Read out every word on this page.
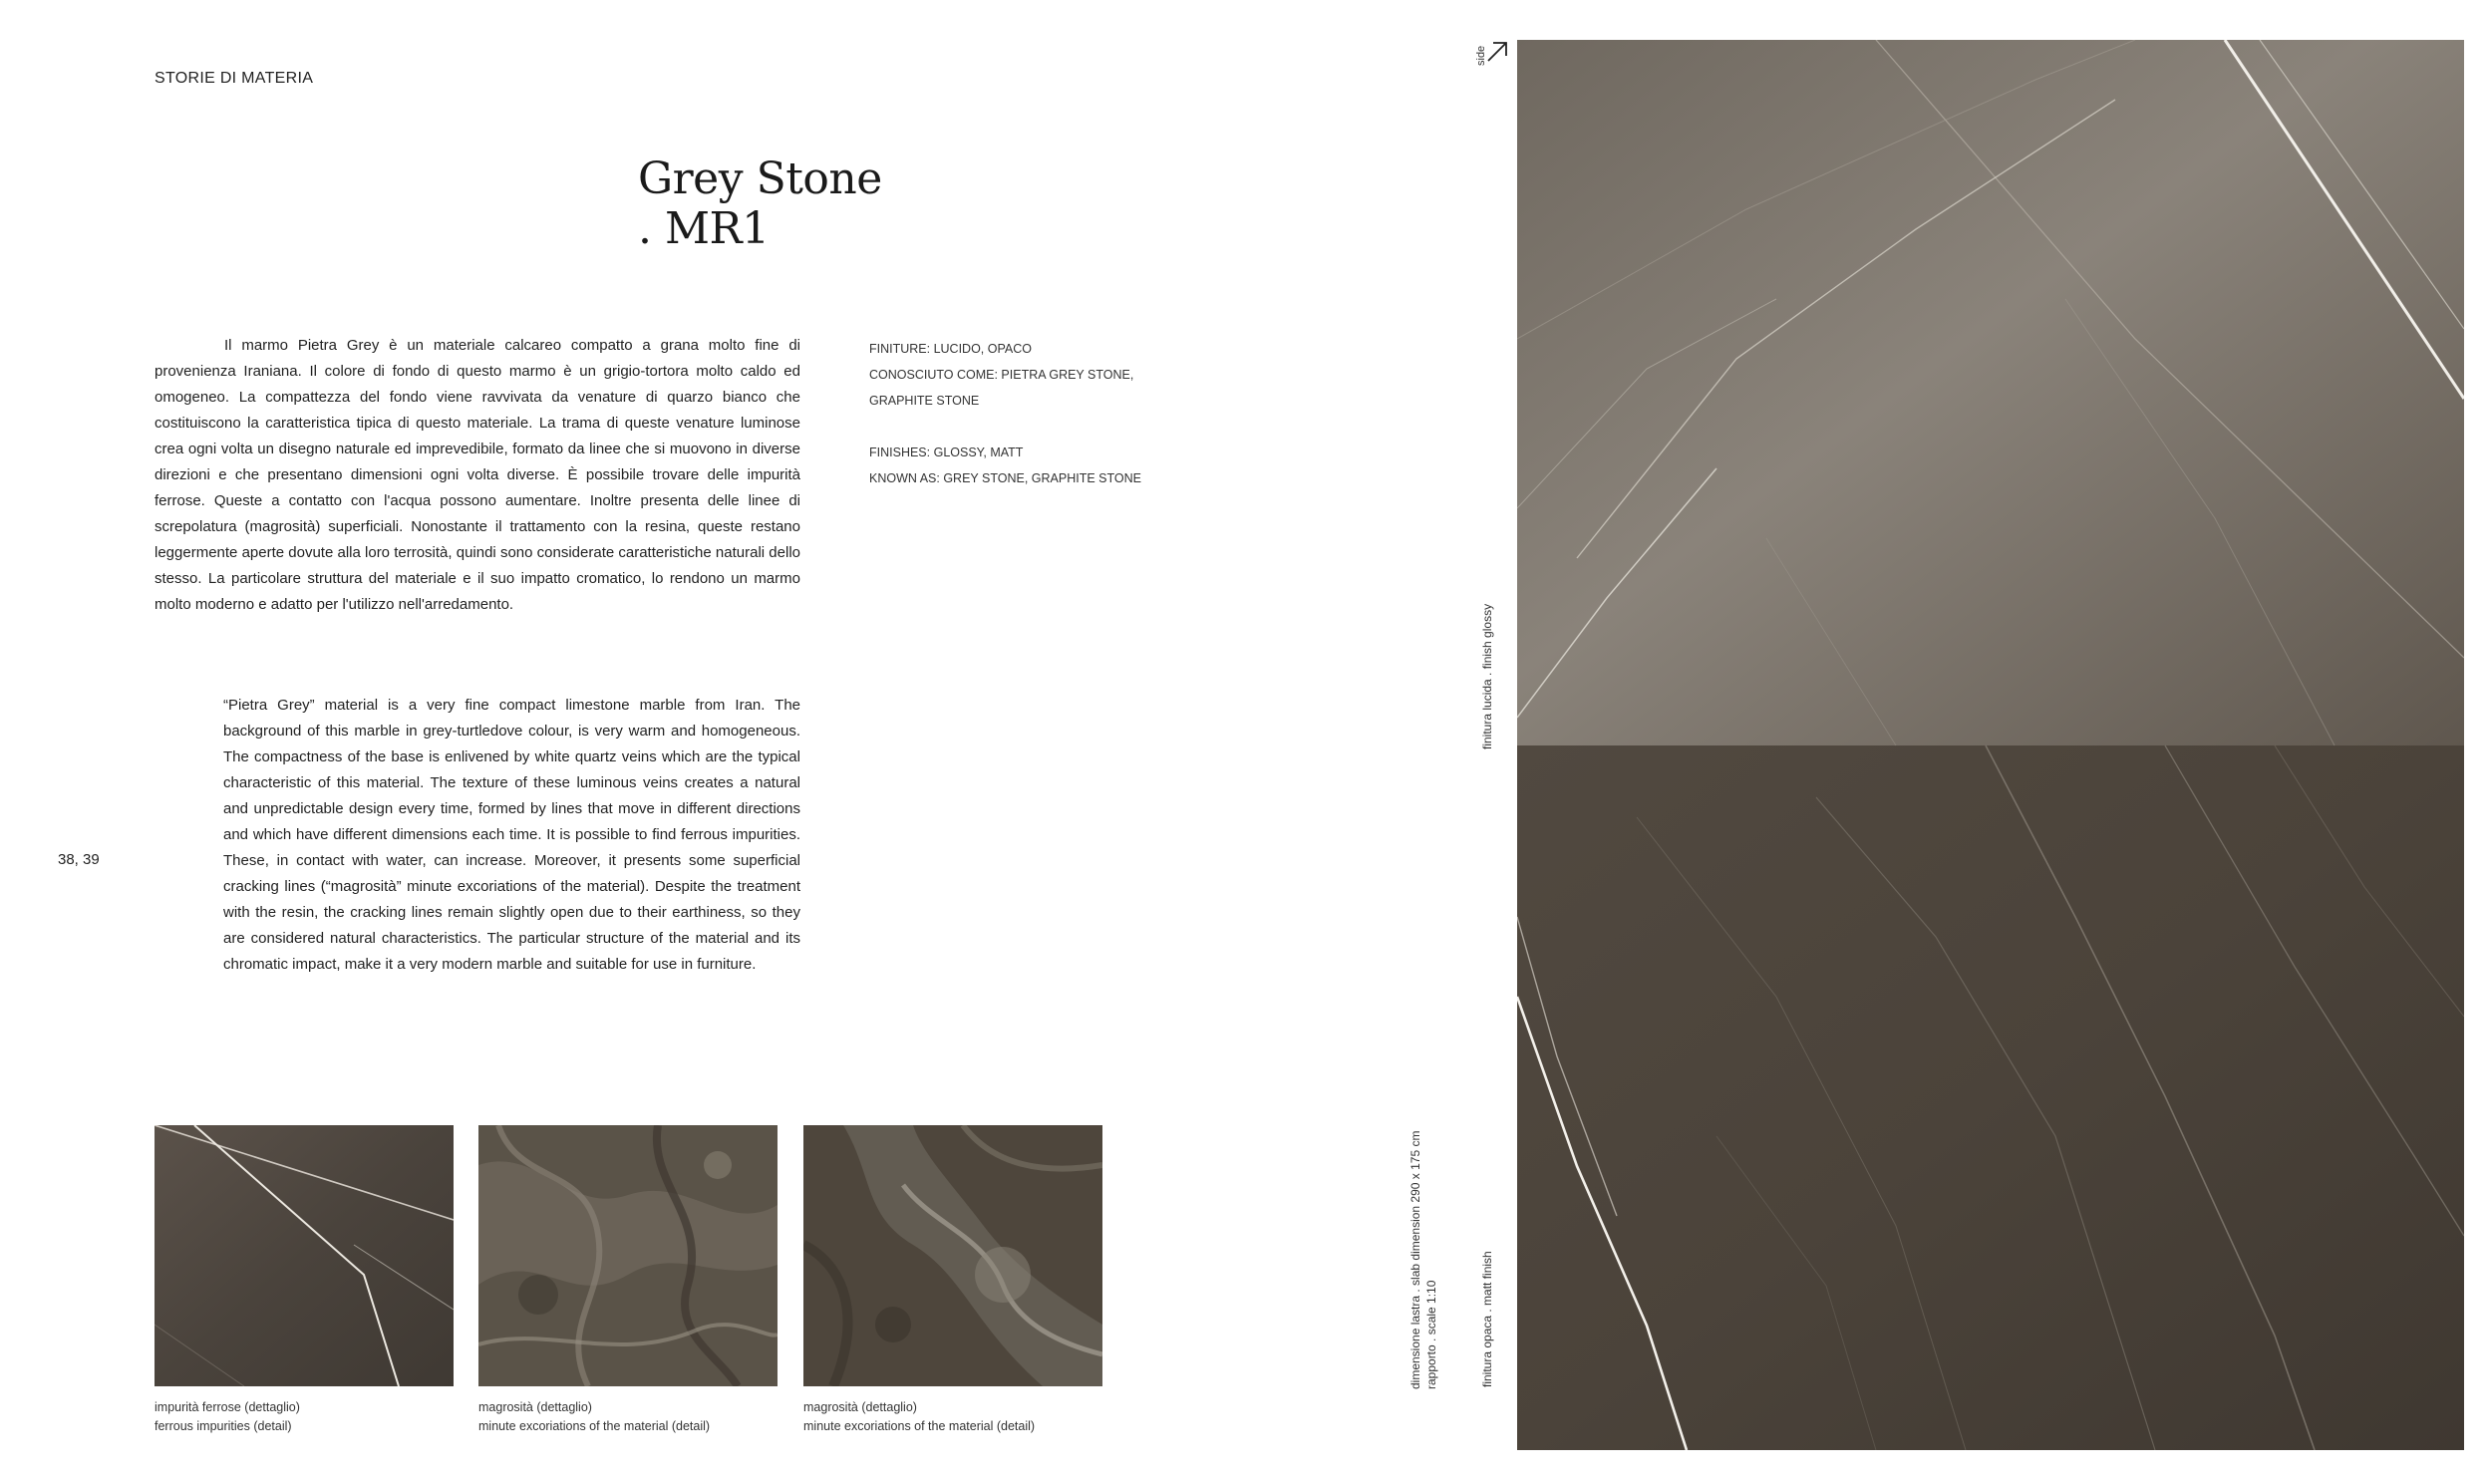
STORIE DI MATERIA
Grey Stone
. MR1
Il marmo Pietra Grey è un materiale calcareo compatto a grana molto fine di provenienza Iraniana. Il colore di fondo di questo marmo è un grigio-tortora molto caldo ed omogeneo. La compattezza del fondo viene ravvivata da venature di quarzo bianco che costituiscono la caratteristica tipica di questo materiale. La trama di queste venature luminose crea ogni volta un disegno naturale ed imprevedibile, formato da linee che si muovono in diverse direzioni e che presentano dimensioni ogni volta diverse. È possibile trovare delle impurità ferrose. Queste a contatto con l'acqua possono aumentare. Inoltre presenta delle linee di screpolatura (magrosità) superficiali. Nonostante il trattamento con la resina, queste restano leggermente aperte dovute alla loro terrosità, quindi sono considerate caratteristiche naturali dello stesso. La particolare struttura del materiale e il suo impatto cromatico, lo rendono un marmo molto moderno e adatto per l'utilizzo nell'arredamento.
“Pietra Grey” material is a very fine compact limestone marble from Iran. The background of this marble in grey-turtledove colour, is very warm and homogeneous. The compactness of the base is enlivened by white quartz veins which are the typical characteristic of this material. The texture of these luminous veins creates a natural and unpredictable design every time, formed by lines that move in different directions and which have different dimensions each time. It is possible to find ferrous impurities. These, in contact with water, can increase. Moreover, it presents some superficial cracking lines (“magrosità” minute excoriations of the material). Despite the treatment with the resin, the cracking lines remain slightly open due to their earthiness, so they are considered natural characteristics. The particular structure of the material and its chromatic impact, make it a very modern marble and suitable for use in furniture.
FINITURE: LUCIDO, OPACO
CONOSCIUTO COME: PIETRA GREY STONE,
GRAPHITE STONE
FINISHES: GLOSSY, MATT
KNOWN AS: GREY STONE, GRAPHITE STONE
38, 39
impurità ferrose (dettaglio)
ferrous impurities (detail)
magrosità (dettaglio)
minute excoriations of the material (detail)
magrosità (dettaglio)
minute excoriations of the material (detail)
dimensione lastra . slab dimension 290 x 175 cm rapporto . scale 1:10
finitura lucida . finish glossy
finitura opaca . matt finish
side
